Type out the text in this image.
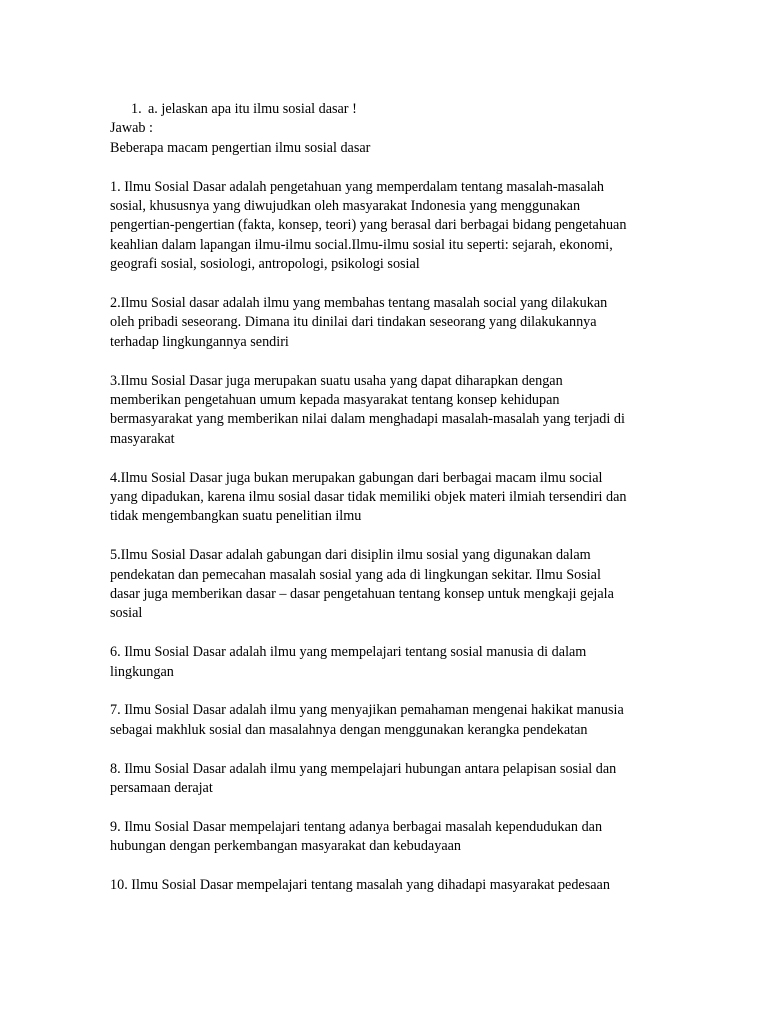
1. a. jelaskan apa itu ilmu sosial dasar !

Jawab :

Beberapa macam pengertian ilmu sosial dasar

1. Ilmu Sosial Dasar adalah pengetahuan yang memperdalam tentang masalah-masalah

sosial, khususnya yang diwujudkan oleh masyarakat Indonesia yang menggunakan

pengertian-pengertian (fakta, konsep, teori) yang berasal dari berbagai bidang pengetahuan

keahlian dalam lapangan ilmu-ilmu social.Ilmu-ilmu sosial itu seperti: sejarah, ekonomi,

geografi sosial, sosiologi, antropologi, psikologi sosial

2.Ilmu Sosial dasar adalah ilmu yang membahas tentang masalah social yang dilakukan

oleh pribadi seseorang. Dimana itu dinilai dari tindakan seseorang yang dilakukannya

terhadap lingkungannya sendiri

3.Ilmu Sosial Dasar juga merupakan suatu usaha yang dapat diharapkan dengan

memberikan pengetahuan umum kepada masyarakat tentang konsep kehidupan

bermasyarakat yang memberikan nilai dalam menghadapi masalah-masalah yang terjadi di

masyarakat

4.Ilmu Sosial Dasar juga bukan merupakan gabungan dari berbagai macam ilmu social

yang dipadukan, karena ilmu sosial dasar tidak memiliki objek materi ilmiah tersendiri dan

tidak mengembangkan suatu penelitian ilmu

5.Ilmu Sosial Dasar adalah gabungan dari disiplin ilmu sosial yang digunakan dalam

pendekatan dan pemecahan masalah sosial yang ada di lingkungan sekitar. Ilmu Sosial

dasar juga memberikan dasar – dasar pengetahuan tentang konsep untuk mengkaji gejala

sosial

6. Ilmu Sosial Dasar adalah ilmu yang mempelajari tentang sosial manusia di dalam

lingkungan

7. Ilmu Sosial Dasar adalah ilmu yang menyajikan pemahaman mengenai hakikat manusia

sebagai makhluk sosial dan masalahnya dengan menggunakan kerangka pendekatan

8. Ilmu Sosial Dasar adalah ilmu yang mempelajari hubungan antara pelapisan sosial dan

persamaan derajat

9. Ilmu Sosial Dasar mempelajari tentang adanya berbagai masalah kependudukan dan

hubungan dengan perkembangan masyarakat dan kebudayaan

10. Ilmu Sosial Dasar mempelajari tentang masalah yang dihadapi masyarakat pedesaan
